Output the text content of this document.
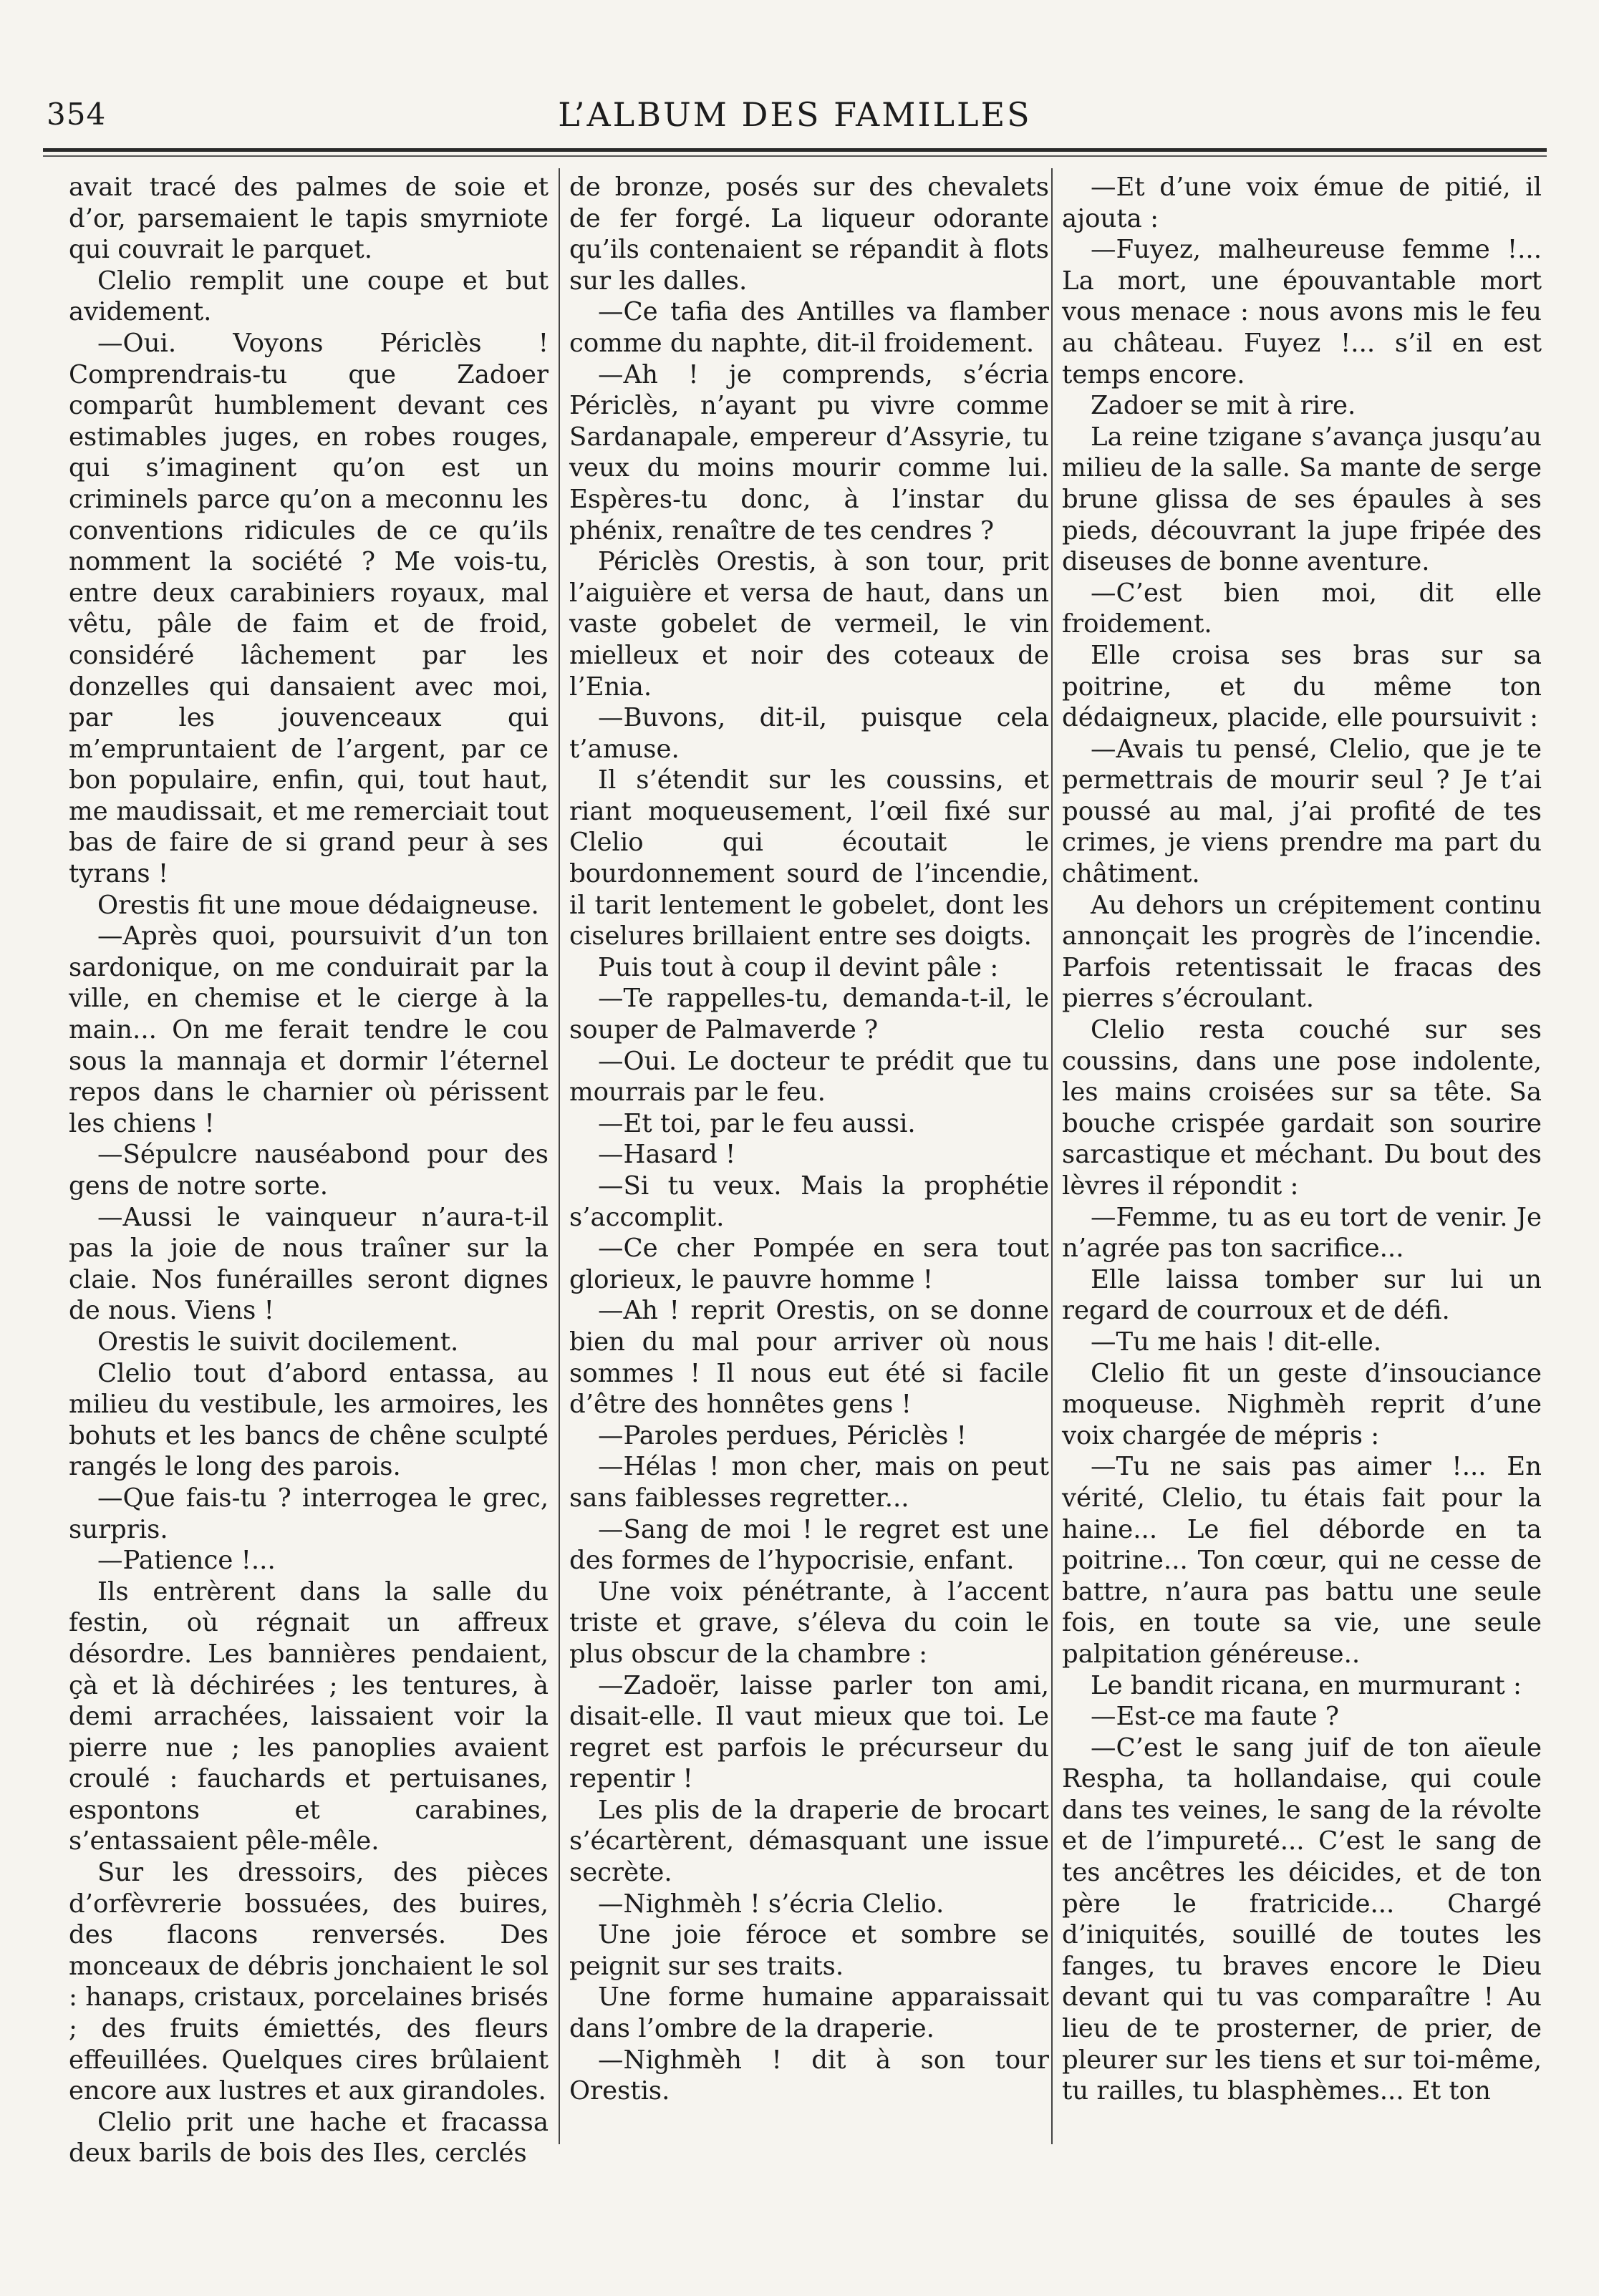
354	L’ALBUM DES FAMILLES

avait tracé des palmes de soie et d’or, parsemaient le tapis smyrniote qui couvrait le parquet.

Clelio remplit une coupe et but avidement.

—Oui. Voyons Périclès ! Comprendrais-tu que Zadoer comparût humblement devant ces estimables juges, en robes rouges, qui s’imaginent qu’on est un criminels parce qu’on a meconnu les conventions ridicules de ce qu’ils nomment la société ? Me vois-tu, entre deux carabiniers royaux, mal vêtu, pâle de faim et de froid, considéré lâchement par les donzelles qui dansaient avec moi, par les jouvenceaux qui m’empruntaient de l’argent, par ce bon populaire, enfin, qui, tout haut, me maudissait, et me remerciait tout bas de faire de si grand peur à ses tyrans !

Orestis fit une moue dédaigneuse.

—Après quoi, poursuivit d’un ton sardonique, on me conduirait par la ville, en chemise et le cierge à la main... On me ferait tendre le cou sous la mannaja et dormir l’éternel repos dans le charnier où périssent les chiens !

—Sépulcre nauséabond pour des gens de notre sorte.

—Aussi le vainqueur n’aura-t-il pas la joie de nous traîner sur la claie. Nos funérailles seront dignes de nous. Viens !

Orestis le suivit docilement.

Clelio tout d’abord entassa, au milieu du vestibule, les armoires, les bohuts et les bancs de chêne sculpté rangés le long des parois.

—Que fais-tu ? interrogea le grec, surpris.

—Patience !...

Ils entrèrent dans la salle du festin, où régnait un affreux désordre. Les bannières pendaient, çà et là déchirées ; les tentures, à demi arrachées, laissaient voir la pierre nue ; les panoplies avaient croulé : fauchards et pertuisanes, espontons et carabines, s’entassaient pêle-mêle.

Sur les dressoirs, des pièces d’orfèvrerie bossuées, des buires, des flacons renversés. Des monceaux de débris jonchaient le sol : hanaps, cristaux, porcelaines brisés ; des fruits émiettés, des fleurs effeuillées. Quelques cires brûlaient encore aux lustres et aux girandoles.

Clelio prit une hache et fracassa deux barils de bois des Iles, cerclés

de bronze, posés sur des chevalets de fer forgé. La liqueur odorante qu’ils contenaient se répandit à flots sur les dalles.

—Ce tafia des Antilles va flamber comme du naphte, dit-il froidement.

—Ah ! je comprends, s’écria Périclès, n’ayant pu vivre comme Sardanapale, empereur d’Assyrie, tu veux du moins mourir comme lui. Espères-tu donc, à l’instar du phénix, renaître de tes cendres ?

Périclès Orestis, à son tour, prit l’aiguière et versa de haut, dans un vaste gobelet de vermeil, le vin mielleux et noir des coteaux de l’Enia.

—Buvons, dit-il, puisque cela t’amuse.

Il s’étendit sur les coussins, et riant moqueusement, l’œil fixé sur Clelio qui écoutait le bourdonnement sourd de l’incendie, il tarit lentement le gobelet, dont les ciselures brillaient entre ses doigts.

Puis tout à coup il devint pâle :

—Te rappelles-tu, demanda-t-il, le souper de Palmaverde ?

—Oui. Le docteur te prédit que tu mourrais par le feu.

—Et toi, par le feu aussi.

—Hasard !

—Si tu veux. Mais la prophétie s’accomplit.

—Ce cher Pompée en sera tout glorieux, le pauvre homme !

—Ah ! reprit Orestis, on se donne bien du mal pour arriver où nous sommes ! Il nous eut été si facile d’être des honnêtes gens !

—Paroles perdues, Périclès !

—Hélas ! mon cher, mais on peut sans faiblesses regretter...

—Sang de moi ! le regret est une des formes de l’hypocrisie, enfant.

Une voix pénétrante, à l’accent triste et grave, s’éleva du coin le plus obscur de la chambre :

—Zadoër, laisse parler ton ami, disait-elle. Il vaut mieux que toi. Le regret est parfois le précurseur du repentir !

Les plis de la draperie de brocart s’écartèrent, démasquant une issue secrète.

—Nighmèh ! s’écria Clelio.

Une joie féroce et sombre se peignit sur ses traits.

Une forme humaine apparaissait dans l’ombre de la draperie.

—Nighmèh ! dit à son tour Orestis.

—Et d’une voix émue de pitié, il ajouta :

—Fuyez, malheureuse femme !... La mort, une épouvantable mort vous menace : nous avons mis le feu au château. Fuyez !... s’il en est temps encore.

Zadoer se mit à rire.

La reine tzigane s’avança jusqu’au milieu de la salle. Sa mante de serge brune glissa de ses épaules à ses pieds, découvrant la jupe fripée des diseuses de bonne aventure.

—C’est bien moi, dit elle froidement.

Elle croisa ses bras sur sa poitrine, et du même ton dédaigneux, placide, elle poursuivit :

—Avais tu pensé, Clelio, que je te permettrais de mourir seul ? Je t’ai poussé au mal, j’ai profité de tes crimes, je viens prendre ma part du châtiment.

Au dehors un crépitement continu annonçait les progrès de l’incendie. Parfois retentissait le fracas des pierres s’écroulant.

Clelio resta couché sur ses coussins, dans une pose indolente, les mains croisées sur sa tête. Sa bouche crispée gardait son sourire sarcastique et méchant. Du bout des lèvres il répondit :

—Femme, tu as eu tort de venir. Je n’agrée pas ton sacrifice...

Elle laissa tomber sur lui un regard de courroux et de défi.

—Tu me hais ! dit-elle.

Clelio fit un geste d’insouciance moqueuse. Nighmèh reprit d’une voix chargée de mépris :

—Tu ne sais pas aimer !... En vérité, Clelio, tu étais fait pour la haine... Le fiel déborde en ta poitrine... Ton cœur, qui ne cesse de battre, n’aura pas battu une seule fois, en toute sa vie, une seule palpitation généreuse..

Le bandit ricana, en murmurant :

—Est-ce ma faute ?

—C’est le sang juif de ton aïeule Respha, ta hollandaise, qui coule dans tes veines, le sang de la révolte et de l’impureté... C’est le sang de tes ancêtres les déicides, et de ton père le fratricide... Chargé d’iniquités, souillé de toutes les fanges, tu braves encore le Dieu devant qui tu vas comparaître ! Au lieu de te prosterner, de prier, de pleurer sur les tiens et sur toi-même, tu railles, tu blasphèmes... Et ton
